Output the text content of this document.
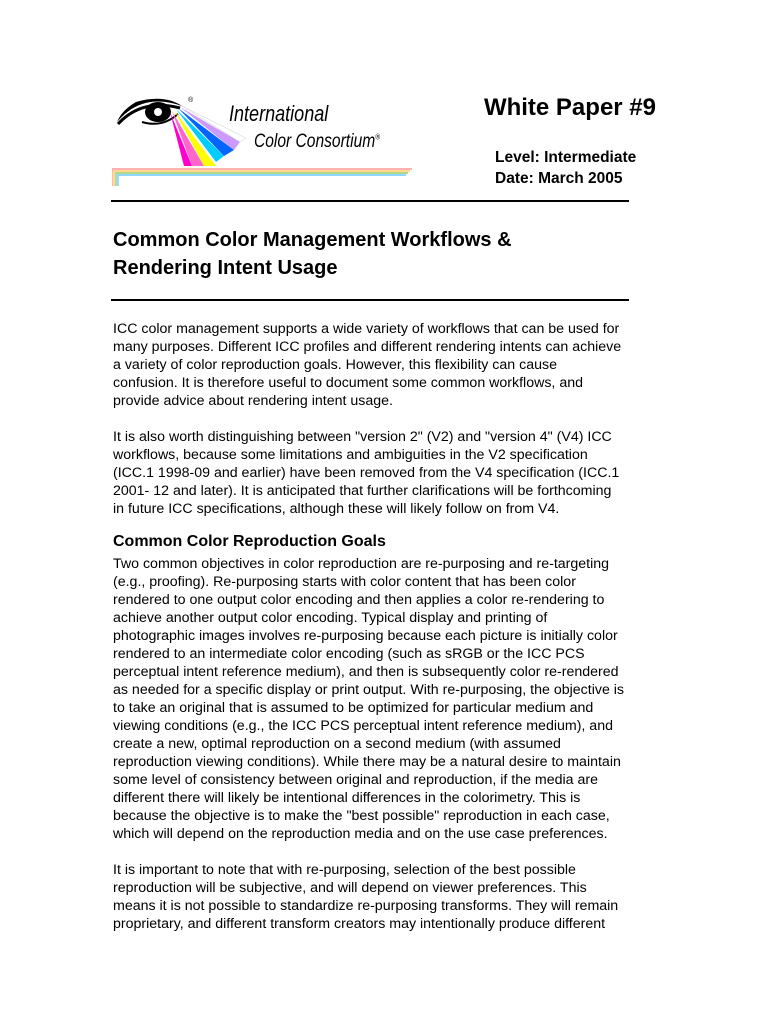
®
International
Color Consortium®
White Paper #9
Level: Intermediate
Date: March 2005
Common Color Management Workflows &
Rendering Intent Usage

ICC color management supports a wide variety of workflows that can be used for
many purposes. Different ICC profiles and different rendering intents can achieve
a variety of color reproduction goals. However, this flexibility can cause
confusion. It is therefore useful to document some common workflows, and
provide advice about rendering intent usage.

It is also worth distinguishing between "version 2" (V2) and "version 4" (V4) ICC
workflows, because some limitations and ambiguities in the V2 specification
(ICC.1 1998-09 and earlier) have been removed from the V4 specification (ICC.1
2001- 12 and later). It is anticipated that further clarifications will be forthcoming
in future ICC specifications, although these will likely follow on from V4.

Common Color Reproduction Goals

Two common objectives in color reproduction are re-purposing and re-targeting
(e.g., proofing). Re-purposing starts with color content that has been color
rendered to one output color encoding and then applies a color re-rendering to
achieve another output color encoding. Typical display and printing of
photographic images involves re-purposing because each picture is initially color
rendered to an intermediate color encoding (such as sRGB or the ICC PCS
perceptual intent reference medium), and then is subsequently color re-rendered
as needed for a specific display or print output. With re-purposing, the objective is
to take an original that is assumed to be optimized for particular medium and
viewing conditions (e.g., the ICC PCS perceptual intent reference medium), and
create a new, optimal reproduction on a second medium (with assumed
reproduction viewing conditions). While there may be a natural desire to maintain
some level of consistency between original and reproduction, if the media are
different there will likely be intentional differences in the colorimetry. This is
because the objective is to make the "best possible" reproduction in each case,
which will depend on the reproduction media and on the use case preferences.

It is important to note that with re-purposing, selection of the best possible
reproduction will be subjective, and will depend on viewer preferences. This
means it is not possible to standardize re-purposing transforms. They will remain
proprietary, and different transform creators may intentionally produce different
